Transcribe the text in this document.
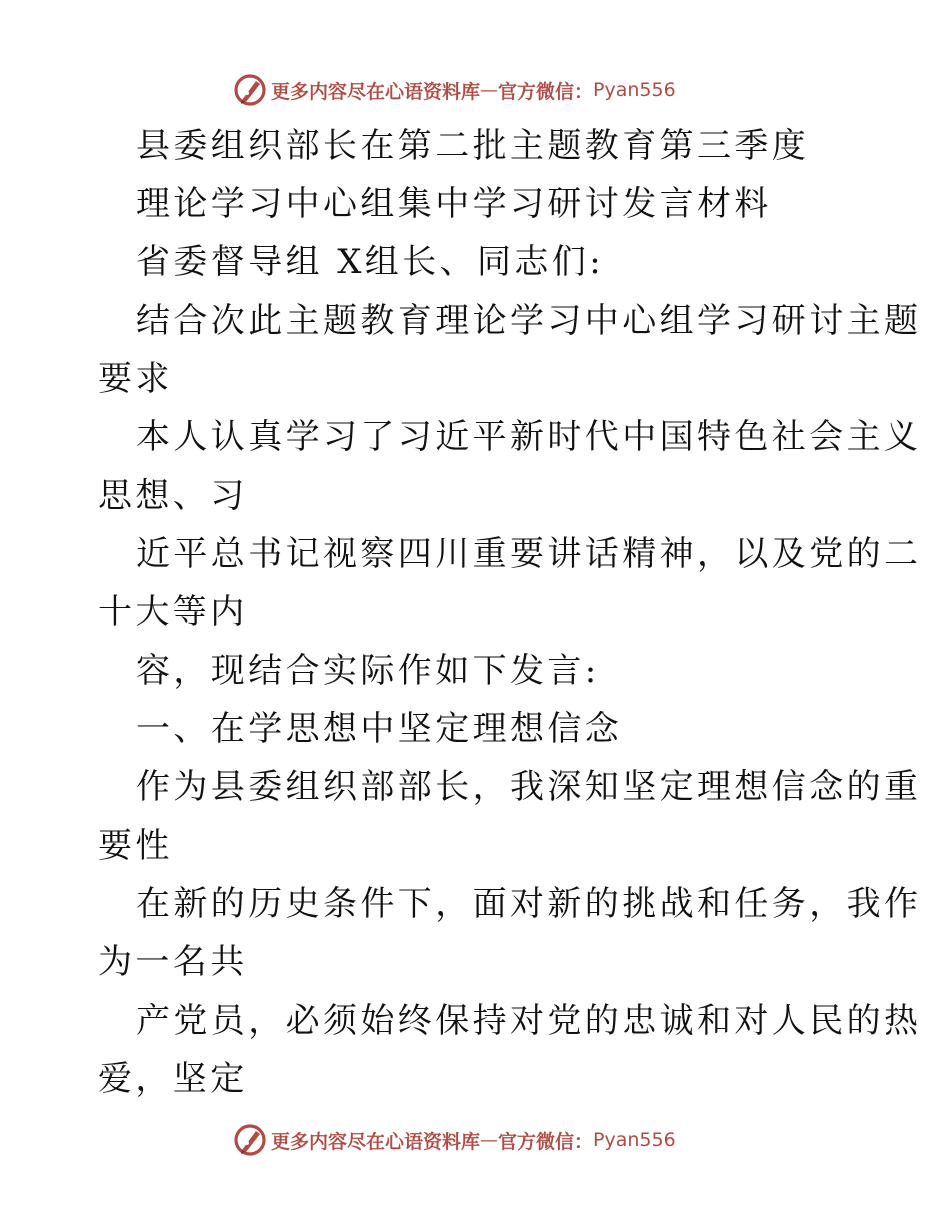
更多内容尽在心语资料库 — 官方微信： Pyan556
县委组织部长在第二批主题教育第三季度
理论学习中心组集中学习研讨发言材料
省委督导组 X组长、同志们:
结合次此主题教育理论学习中心组学习研讨主题
要求
本人认真学习了习近平新时代中国特色社会主义
思想、习
近平总书记视察四川重要讲话精神，以及党的二
十大等内
容，现结合实际作如下发言:
一、在学思想中坚定理想信念
作为县委组织部部长，我深知坚定理想信念的重
要性
在新的历史条件下，面对新的挑战和任务，我作
为一名共
产党员，必须始终保持对党的忠诚和对人民的热
爱，坚定
更多内容尽在心语资料库 — 官方微信： Pyan556
